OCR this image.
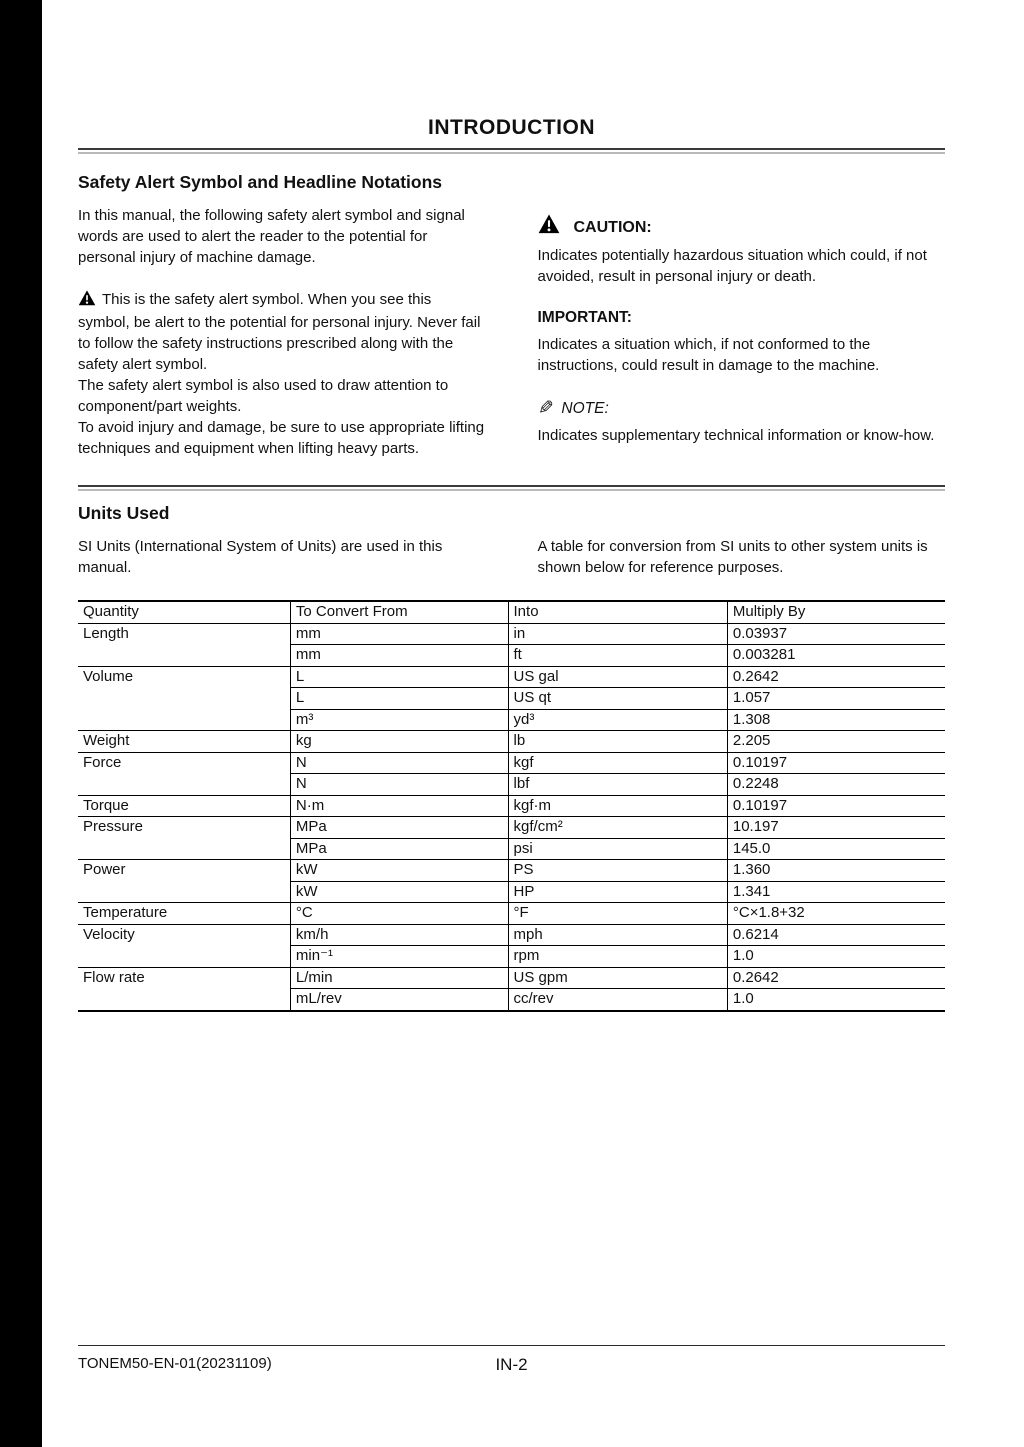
INTRODUCTION
Safety Alert Symbol and Headline Notations

In this manual, the following safety alert symbol and signal words are used to alert the reader to the potential for personal injury of machine damage.

This is the safety alert symbol. When you see this symbol, be alert to the potential for personal injury. Never fail to follow the safety instructions prescribed along with the safety alert symbol.

The safety alert symbol is also used to draw attention to component/part weights.
To avoid injury and damage, be sure to use appropriate lifting techniques and equipment when lifting heavy parts.
CAUTION:

Indicates potentially hazardous situation which could, if not avoided, result in personal injury or death.

IMPORTANT:

Indicates a situation which, if not conformed to the instructions, could result in damage to the machine.

✎ NOTE:

Indicates supplementary technical information or know-how.

Units Used

SI Units (International System of Units) are used in this manual.

A table for conversion from SI units to other system units is shown below for reference purposes.

Quantity	To Convert From	Into	Multiply By
Length	mm	in	0.03937
	mm	ft	0.003281
Volume	L	US gal	0.2642
	L	US qt	1.057
	m³	yd³	1.308
Weight	kg	lb	2.205
Force	N	kgf	0.10197
	N	lbf	0.2248
Torque	N·m	kgf·m	0.10197
Pressure	MPa	kgf/cm²	10.197
	MPa	psi	145.0
Power	kW	PS	1.360
	kW	HP	1.341
Temperature	°C	°F	°C×1.8+32
Velocity	km/h	mph	0.6214
	min⁻¹	rpm	1.0
Flow rate	L/min	US gpm	0.2642
	mL/rev	cc/rev	1.0
TONEM50-EN-01(20231109)	IN-2
